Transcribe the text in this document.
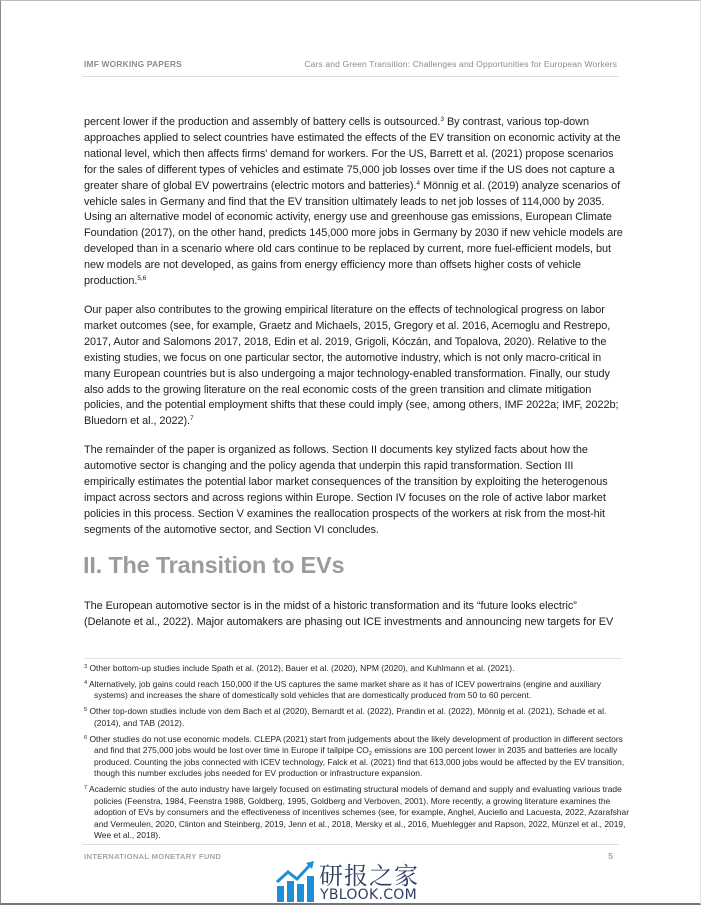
IMF WORKING PAPERS	Cars and Green Transition: Challenges and Opportunities for European Workers

percent lower if the production and assembly of battery cells is outsourced.$^3$ By contrast, various top-down approaches applied to select countries have estimated the effects of the EV transition on economic activity at the national level, which then affects firms' demand for workers. For the US, Barrett et al. (2021) propose scenarios for the sales of different types of vehicles and estimate 75,000 job losses over time if the US does not capture a greater share of global EV powertrains (electric motors and batteries).$^4$ Mönnig et al. (2019) analyze scenarios of vehicle sales in Germany and find that the EV transition ultimately leads to net job losses of 114,000 by 2035. Using an alternative model of economic activity, energy use and greenhouse gas emissions, European Climate Foundation (2017), on the other hand, predicts 145,000 more jobs in Germany by 2030 if new vehicle models are developed than in a scenario where old cars continue to be replaced by current, more fuel-efficient models, but new models are not developed, as gains from energy efficiency more than offsets higher costs of vehicle production.$^{5,6}$

Our paper also contributes to the growing empirical literature on the effects of technological progress on labor market outcomes (see, for example, Graetz and Michaels, 2015, Gregory et al. 2016, Acemoglu and Restrepo, 2017, Autor and Salomons 2017, 2018, Edin et al. 2019, Grigoli, Kóczán, and Topalova, 2020). Relative to the existing studies, we focus on one particular sector, the automotive industry, which is not only macro-critical in many European countries but is also undergoing a major technology-enabled transformation. Finally, our study also adds to the growing literature on the real economic costs of the green transition and climate mitigation policies, and the potential employment shifts that these could imply (see, among others, IMF 2022a; IMF, 2022b; Bluedorn et al., 2022).$^7$

The remainder of the paper is organized as follows. Section II documents key stylized facts about how the automotive sector is changing and the policy agenda that underpin this rapid transformation. Section III empirically estimates the potential labor market consequences of the transition by exploiting the heterogenous impact across sectors and across regions within Europe. Section IV focuses on the role of active labor market policies in this process. Section V examines the reallocation prospects of the workers at risk from the most-hit segments of the automotive sector, and Section VI concludes.

II. The Transition to EVs

The European automotive sector is in the midst of a historic transformation and its “future looks electric” (Delanote et al., 2022). Major automakers are phasing out ICE investments and announcing new targets for EV

$^3$ Other bottom-up studies include Spath et al. (2012), Bauer et al. (2020), NPM (2020), and Kuhlmann et al. (2021).

$^4$ Alternatively, job gains could reach 150,000 if the US captures the same market share as it has of ICEV powertrains (engine and auxiliary systems) and increases the share of domestically sold vehicles that are domestically produced from 50 to 60 percent.

$^5$ Other top-down studies include von dem Bach et al (2020), Bernardt et al. (2022), Prandin et al. (2022), Mönnig et al. (2021), Schade et al. (2014), and TAB (2012).

$^6$ Other studies do not use economic models. CLEPA (2021) start from judgements about the likely development of production in different sectors and find that 275,000 jobs would be lost over time in Europe if tailpipe $CO_2$ emissions are 100 percent lower in 2035 and batteries are locally produced. Counting the jobs connected with ICEV technology, Falck et al. (2021) find that 613,000 jobs would be affected by the EV transition, though this number excludes jobs needed for EV production or infrastructure expansion.

$^7$ Academic studies of the auto industry have largely focused on estimating structural models of demand and supply and evaluating various trade policies (Feenstra, 1984, Feenstra 1988, Goldberg, 1995, Goldberg and Verboven, 2001). More recently, a growing literature examines the adoption of EVs by consumers and the effectiveness of incentives schemes (see, for example, Anghel, Auciello and Lacuesta, 2022, Azarafshar and Vermeulen, 2020, Clinton and Steinberg, 2019, Jenn et al., 2018, Mersky et al., 2016, Muehlegger and Rapson, 2022, Münzel et al., 2019, Wee et al., 2018).

INTERNATIONAL MONETARY FUND	5
研报之家
YBLOOK.COM
